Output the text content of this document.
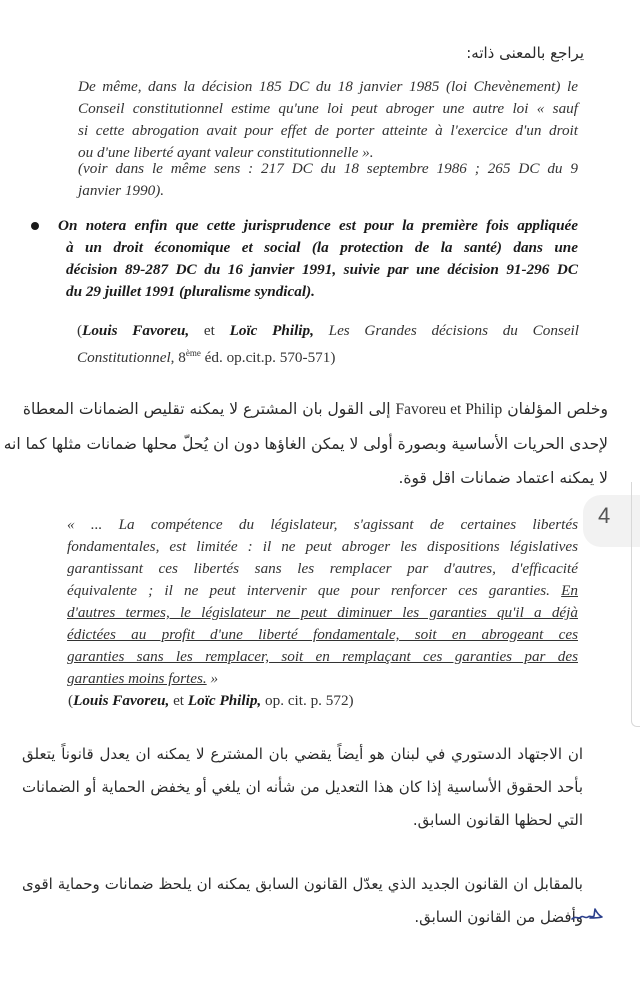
يراجع بالمعنى ذاته:
De même, dans la décision 185 DC du 18 janvier 1985 (loi Chevènement) le
Conseil constitutionnel estime qu'une loi peut abroger une autre loi « sauf
si cette abrogation avait pour effet de porter atteinte à l'exercice d'un droit
ou d'une liberté ayant valeur constitutionnelle ».
(voir dans le même sens : 217 DC du 18 septembre 1986 ; 265 DC du 9
janvier 1990).
On notera enfin que cette jurisprudence est pour la première fois appliquée
à un droit économique et social (la protection de la santé) dans une
décision 89-287 DC du 16 janvier 1991, suivie par une décision 91-296 DC
du 29 juillet 1991 (pluralisme syndical).
(Louis Favoreu, et Loïc Philip, Les Grandes décisions du Conseil
Constitutionnel, 8ème éd. op.cit.p. 570-571)
وخلص المؤلفان Favoreu et Philip إلى القول بان المشترع لا يمكنه تقليص الضمانات المعطاة
لإحدى الحريات الأساسية وبصورة أولى لا يمكن الغاؤها دون ان يُحلّ محلها ضمانات مثلها كما انه
لا يمكنه اعتماد ضمانات اقل قوة.
4
« ... La compétence du législateur, s'agissant de certaines libertés
fondamentales, est limitée : il ne peut abroger les dispositions législatives
garantissant ces libertés sans les remplacer par d'autres, d'efficacité
équivalente ; il ne peut intervenir que pour renforcer ces garanties. En
d'autres termes, le législateur ne peut diminuer les garanties qu'il a déjà
édictées au profit d'une liberté fondamentale, soit en abrogeant ces
garanties sans les remplacer, soit en remplaçant ces garanties par des
garanties moins fortes. »
(Louis Favoreu, et Loïc Philip, op. cit. p. 572)
ان الاجتهاد الدستوري في لبنان هو أيضاً يقضي بان المشترع لا يمكنه ان يعدل قانوناً يتعلق
بأحد الحقوق الأساسية إذا كان هذا التعديل من شأنه ان يلغي أو يخفض الحماية أو الضمانات
التي لحظها القانون السابق.
بالمقابل ان القانون الجديد الذي يعدّل القانون السابق يمكنه ان يلحظ ضمانات وحماية اقوى
وأفضل من القانون السابق.
